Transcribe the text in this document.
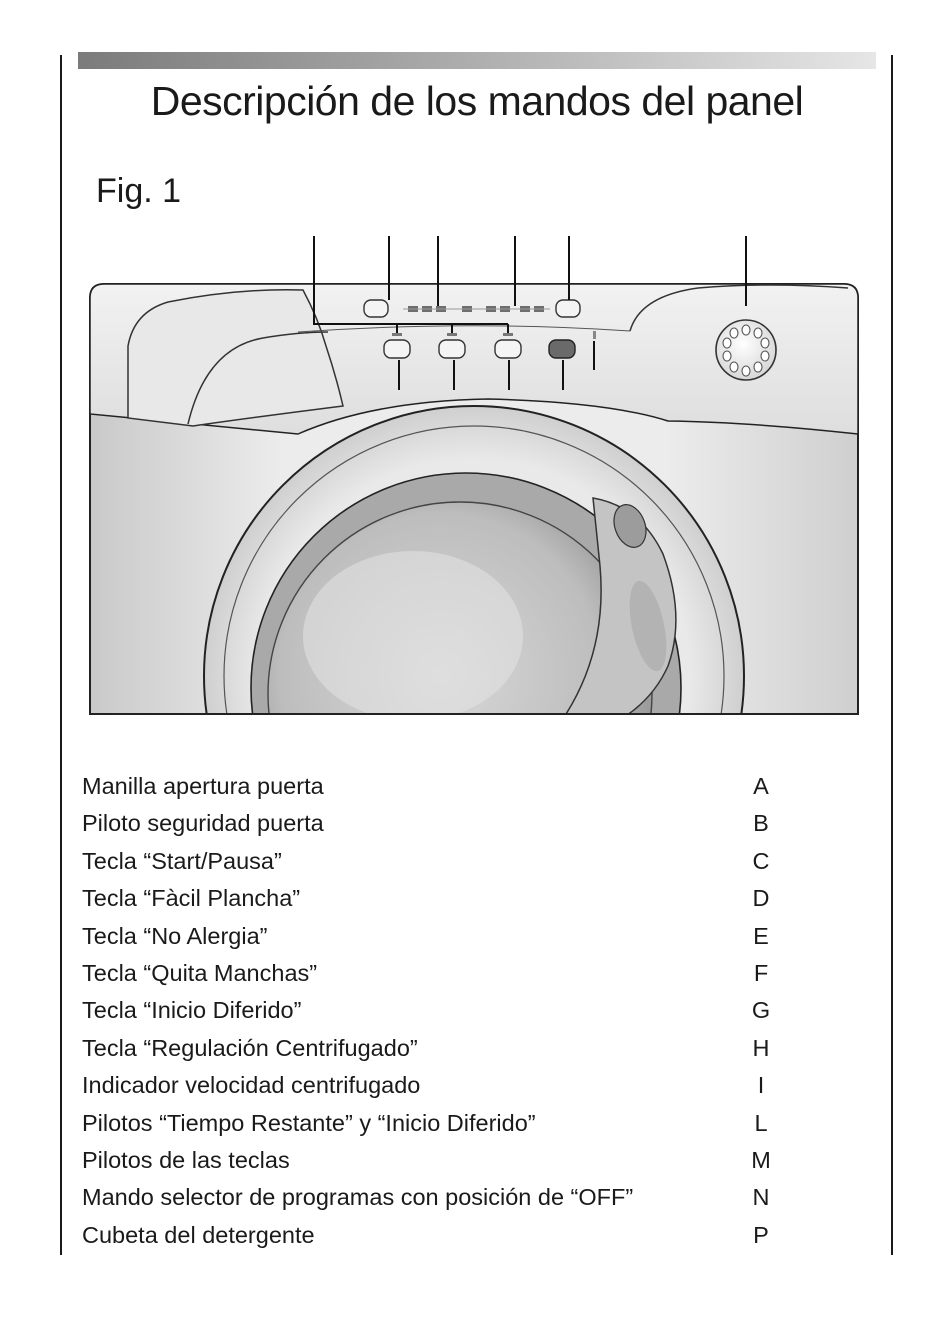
Descripción de los mandos del panel
Fig. 1
Manilla apertura puerta	A
Piloto seguridad puerta	B
Tecla “Start/Pausa”	C
Tecla “Fàcil Plancha”	D
Tecla “No Alergia”	E
Tecla “Quita Manchas”	F
Tecla “Inicio Diferido”	G
Tecla “Regulación Centrifugado”	H
Indicador velocidad centrifugado	I
Pilotos “Tiempo Restante” y “Inicio Diferido”	L
Pilotos de las teclas	M
Mando selector de programas con posición de “OFF”	N
Cubeta del detergente	P
